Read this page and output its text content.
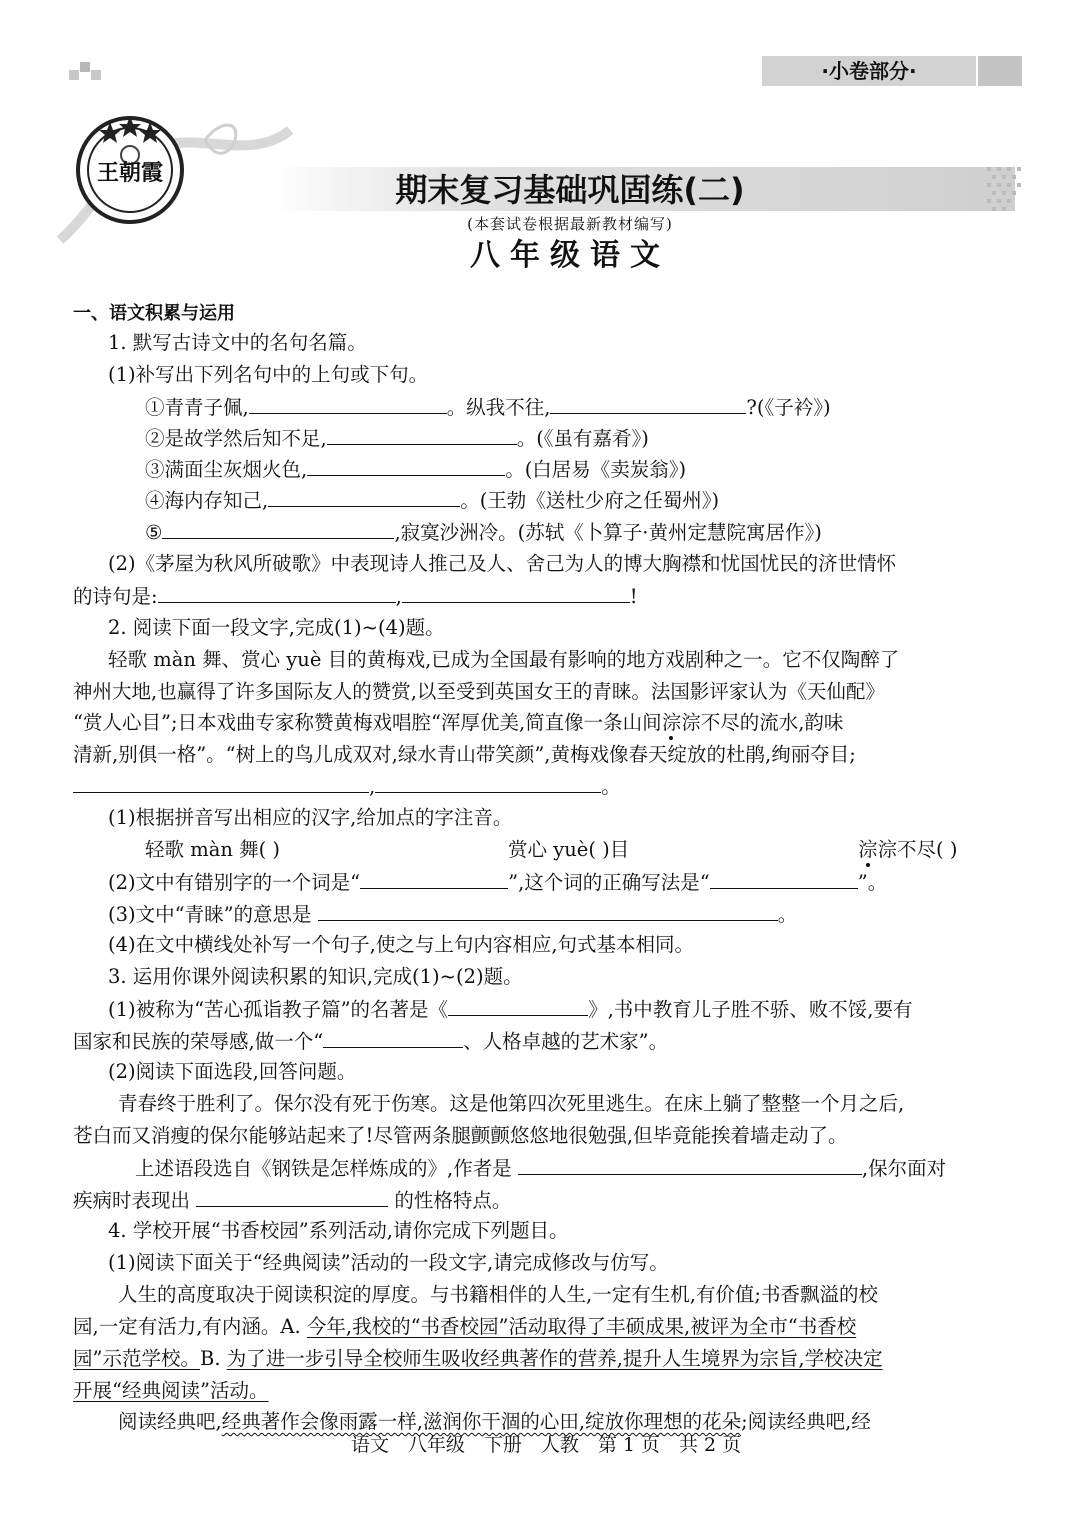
·小卷部分·
王朝霞	期末复习基础巩固练(二)
(本套试卷根据最新教材编写)
八年级语文
一、语文积累与运用
1. 默写古诗文中的名句名篇。
(1)补写出下列名句中的上句或下句。
①青青子佩,	。纵我不往,	?(《子衿》)
②是故学然后知不足,	。(《虽有嘉肴》)
③满面尘灰烟火色,	。(白居易《卖炭翁》)
④海内存知己,	。(王勃《送杜少府之任蜀州》)
⑤	,寂寞沙洲冷。(苏轼《卜算子·黄州定慧院寓居作》)
(2)《茅屋为秋风所破歌》中表现诗人推己及人、舍己为人的博大胸襟和忧国忧民的济世情怀
的诗句是:	,	!
2. 阅读下面一段文字,完成(1)~(4)题。
轻歌 màn 舞、赏心 yuè 目的黄梅戏,已成为全国最有影响的地方戏剧种之一。它不仅陶醉了
神州大地,也赢得了许多国际友人的赞赏,以至受到英国女王的青睐。法国影评家认为《天仙配》
“赏人心目”;日本戏曲专家称赞黄梅戏唱腔“浑厚优美,简直像一条山间淙淙不尽的流水,韵味
清新,别俱一格”。“树上的鸟儿成双对,绿水青山带笑颜”,黄梅戏像春天绽放的杜鹃,绚丽夺目;
,	。
(1)根据拼音写出相应的汉字,给加点的字注音。
轻歌 màn 舞( )	赏心 yuè( )目	淙淙不尽( )
(2)文中有错别字的一个词是“	”,这个词的正确写法是“	”。
(3)文中“青睐”的意思是	。
(4)在文中横线处补写一个句子,使之与上句内容相应,句式基本相同。
3. 运用你课外阅读积累的知识,完成(1)~(2)题。
(1)被称为“苦心孤诣教子篇”的名著是《	》,书中教育儿子胜不骄、败不馁,要有
国家和民族的荣辱感,做一个“	、人格卓越的艺术家”。
(2)阅读下面选段,回答问题。
青春终于胜利了。保尔没有死于伤寒。这是他第四次死里逃生。在床上躺了整整一个月之后,
苍白而又消瘦的保尔能够站起来了!尽管两条腿颤颤悠悠地很勉强,但毕竟能挨着墙走动了。
上述语段选自《钢铁是怎样炼成的》,作者是	,保尔面对
疾病时表现出	的性格特点。
4. 学校开展“书香校园”系列活动,请你完成下列题目。
(1)阅读下面关于“经典阅读”活动的一段文字,请完成修改与仿写。
人生的高度取决于阅读积淀的厚度。与书籍相伴的人生,一定有生机,有价值;书香飘溢的校
园,一定有活力,有内涵。A. 今年,我校的“书香校园”活动取得了丰硕成果,被评为全市“书香校
园”示范学校。B. 为了进一步引导全校师生吸收经典著作的营养,提升人生境界为宗旨,学校决定
开展“经典阅读”活动。
阅读经典吧,经典著作会像雨露一样,滋润你干涸的心田,绽放你理想的花朵;阅读经典吧,经
语文　八年级　下册　人教　第 1 页　共 2 页
